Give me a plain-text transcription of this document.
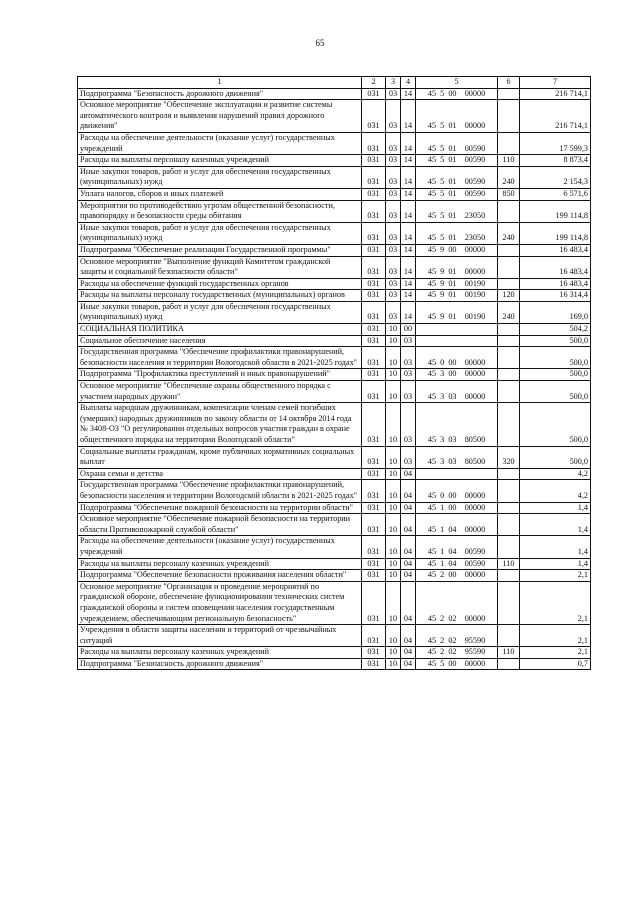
65
1	2	3	4	5	6	7
Подпрограмма "Безопасность дорожного движения"	031	03	14	45  5  00    00000		216 714,1
Основное мероприятие "Обеспечение эксплуатации и развитие системы автоматического контроля и выявления нарушений правил дорожного движения"	031	03	14	45  5  01    00000		216 714,1
Расходы на обеспечение деятельности (оказание услуг) государственных учреждений	031	03	14	45  5  01    00590		17 599,3
Расходы на выплаты персоналу казенных учреждений	031	03	14	45  5  01    00590	110	8 873,4
Иные закупки товаров, работ и услуг для обеспечения государственных (муниципальных) нужд	031	03	14	45  5  01    00590	240	2 154,3
Уплата налогов, сборов и иных платежей	031	03	14	45  5  01    00590	850	6 571,6
Мероприятия по противодействию угрозам общественной безопасности, правопорядку и безопасности среды обитания	031	03	14	45  5  01    23050		199 114,8
Иные закупки товаров, работ и услуг для обеспечения государственных (муниципальных) нужд	031	03	14	45  5  01    23050	240	199 114,8
Подпрограмма "Обеспечение реализации Государственной программы"	031	03	14	45  9  00    00000		16 483,4
Основное мероприятие "Выполнение функций Комитетом гражданской защиты и социальной безопасности области"	031	03	14	45  9  01    00000		16 483,4
Расходы на обеспечение функций государственных органов	031	03	14	45  9  01    00190		16 483,4
Расходы на выплаты персоналу государственных (муниципальных) органов	031	03	14	45  9  01    00190	120	16 314,4
Иные закупки товаров, работ и услуг для обеспечения государственных (муниципальных) нужд	031	03	14	45  9  01    00190	240	169,0
СОЦИАЛЬНАЯ ПОЛИТИКА	031	10	00			504,2
Социальное обеспечение населения	031	10	03			500,0
Государственная программа "Обеспечение профилактики правонарушений, безопасности населения и территории Вологодской области в 2021-2025 годах"	031	10	03	45  0  00    00000		500,0
Подпрограмма "Профилактика преступлений и иных правонарушений"	031	10	03	45  3  00    00000		500,0
Основное мероприятие "Обеспечение охраны общественного порядка с участием народных дружин"	031	10	03	45  3  03    00000		500,0
Выплаты народным дружинникам, компенсации членам семей погибших (умерших) народных дружинников по закону области от 14 октября 2014 года № 3408-ОЗ "О регулировании отдельных вопросов участия граждан в охране общественного порядка на территории Вологодской области"	031	10	03	45  3  03    80500		500,0
Социальные выплаты гражданам, кроме публичных нормативных социальных выплат	031	10	03	45  3  03    80500	320	500,0
Охрана семьи и детства	031	10	04			4,2
Государственная программа "Обеспечение профилактики правонарушений, безопасности населения и территории Вологодской области в 2021-2025 годах"	031	10	04	45  0  00    00000		4,2
Подпрограмма "Обеспечение пожарной безопасности на территории области"	031	10	04	45  1  00    00000		1,4
Основное мероприятие "Обеспечение пожарной безопасности на территории области Противопожарной службой области"	031	10	04	45  1  04    00000		1,4
Расходы на обеспечение деятельности (оказание услуг) государственных учреждений	031	10	04	45  1  04    00590		1,4
Расходы на выплаты персоналу казенных учреждений	031	10	04	45  1  04    00590	110	1,4
Подпрограмма "Обеспечение безопасности проживания населения области"	031	10	04	45  2  00    00000		2,1
Основное мероприятие "Организация и проведение мероприятий по гражданской обороне, обеспечение функционирования технических систем гражданской обороны и систем оповещения населения государственным учреждением, обеспечивающим региональную безопасность"	031	10	04	45  2  02    00000		2,1
Учреждения в области защиты населения и территорий от чрезвычайных ситуаций	031	10	04	45  2  02    95590		2,1
Расходы на выплаты персоналу казенных учреждений	031	10	04	45  2  02    95590	110	2,1
Подпрограмма "Безопасность дорожного движения"	031	10	04	45  5  00    00000		0,7
